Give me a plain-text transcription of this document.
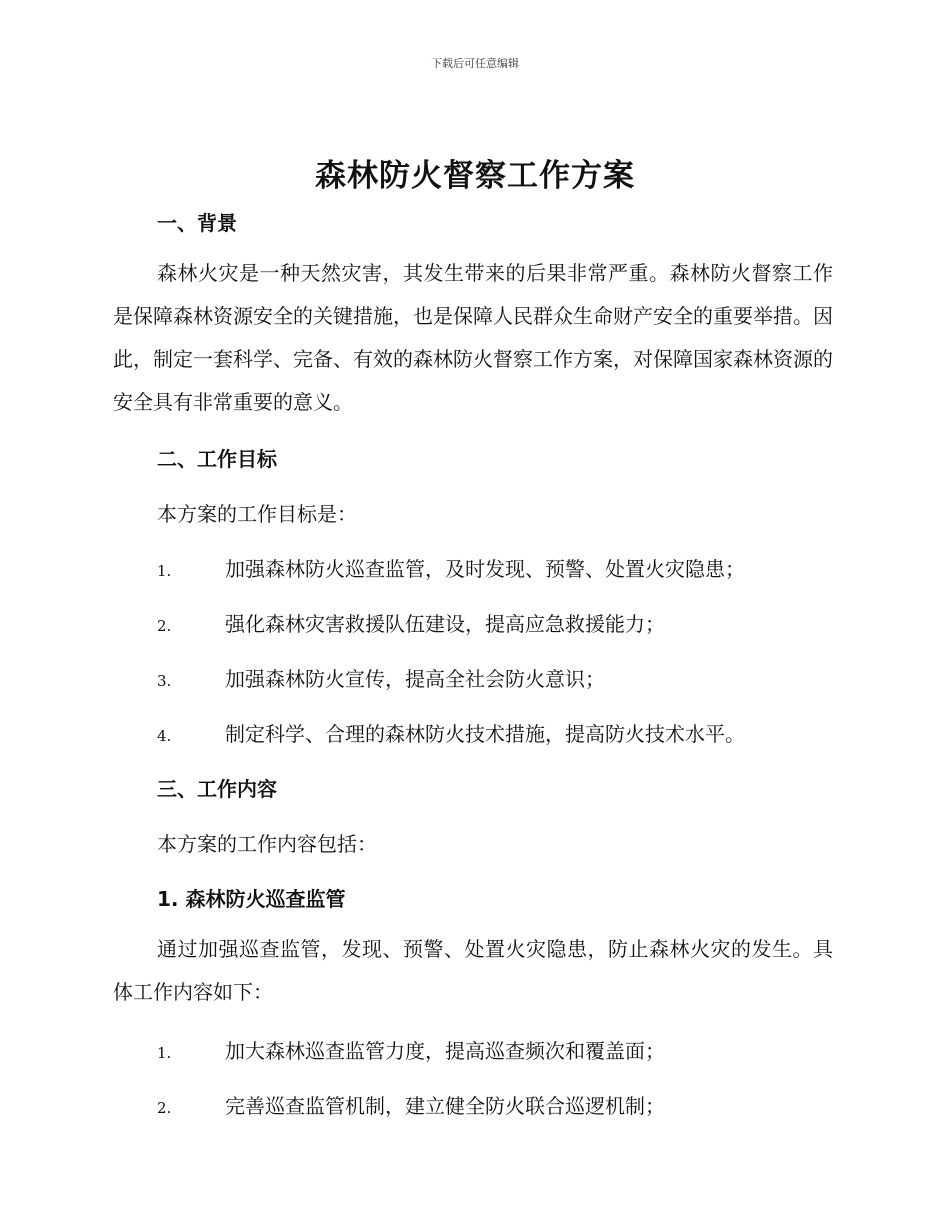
下载后可任意编辑
森林防火督察工作方案
一、背景
森林火灾是一种天然灾害，其发生带来的后果非常严重。森林防火督察工作是保障森林资源安全的关键措施，也是保障人民群众生命财产安全的重要举措。因此，制定一套科学、完备、有效的森林防火督察工作方案，对保障国家森林资源的安全具有非常重要的意义。
二、工作目标
本方案的工作目标是：
1.	加强森林防火巡查监管，及时发现、预警、处置火灾隐患；
2.	强化森林灾害救援队伍建设，提高应急救援能力；
3.	加强森林防火宣传，提高全社会防火意识；
4.	制定科学、合理的森林防火技术措施，提高防火技术水平。
三、工作内容
本方案的工作内容包括：
1. 森林防火巡查监管
通过加强巡查监管，发现、预警、处置火灾隐患，防止森林火灾的发生。具体工作内容如下：
1.	加大森林巡查监管力度，提高巡查频次和覆盖面；
2.	完善巡查监管机制，建立健全防火联合巡逻机制；
